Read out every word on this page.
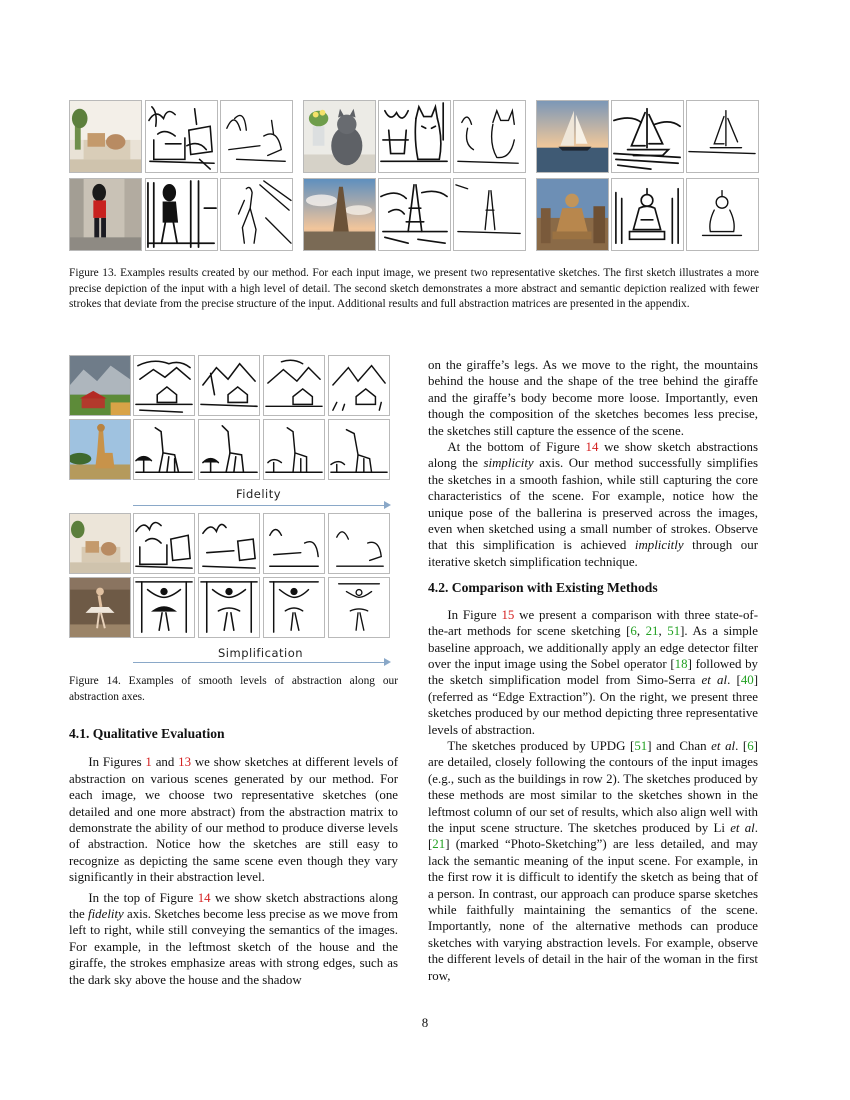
Figure 13. Examples results created by our method. For each input image, we present two representative sketches. The first sketch illustrates a more precise depiction of the input with a high level of detail. The second sketch demonstrates a more abstract and semantic depiction realized with fewer strokes that deviate from the precise structure of the input. Additional results and full abstraction matrices are presented in the appendix.
Fidelity
Simplification
Figure 14. Examples of smooth levels of abstraction along our abstraction axes.
4.1. Qualitative Evaluation

In Figures 1 and 13 we show sketches at different levels of abstraction on various scenes generated by our method. For each image, we choose two representative sketches (one detailed and one more abstract) from the abstraction matrix to demonstrate the ability of our method to produce diverse levels of abstraction. Notice how the sketches are still easy to recognize as depicting the same scene even though they vary significantly in their abstraction level.

In the top of Figure 14 we show sketch abstractions along the fidelity axis. Sketches become less precise as we move from left to right, while still conveying the semantics of the images. For example, in the leftmost sketch of the house and the giraffe, the strokes emphasize areas with strong edges, such as the dark sky above the house and the shadow

on the giraffe’s legs. As we move to the right, the mountains behind the house and the shape of the tree behind the giraffe and the giraffe’s body become more loose. Importantly, even though the composition of the sketches becomes less precise, the sketches still capture the essence of the scene.

At the bottom of Figure 14 we show sketch abstractions along the simplicity axis. Our method successfully simplifies the sketches in a smooth fashion, while still capturing the core characteristics of the scene. For example, notice how the unique pose of the ballerina is preserved across the images, even when sketched using a small number of strokes. Observe that this simplification is achieved implicitly through our iterative sketch simplification technique.

4.2. Comparison with Existing Methods

In Figure 15 we present a comparison with three state-of-the-art methods for scene sketching [6, 21, 51]. As a simple baseline approach, we additionally apply an edge detector filter over the input image using the Sobel operator [18] followed by the sketch simplification model from Simo-Serra et al. [40] (referred as “Edge Extraction”). On the right, we present three sketches produced by our method depicting three representative levels of abstraction.

The sketches produced by UPDG [51] and Chan et al. [6] are detailed, closely following the contours of the input images (e.g., such as the buildings in row 2). The sketches produced by these methods are most similar to the sketches shown in the leftmost column of our set of results, which also align well with the input scene structure. The sketches produced by Li et al. [21] (marked “Photo-Sketching”) are less detailed, and may lack the semantic meaning of the input scene. For example, in the first row it is difficult to identify the sketch as being that of a person. In contrast, our approach can produce sparse sketches while faithfully maintaining the semantics of the scene. Importantly, none of the alternative methods can produce sketches with varying abstraction levels. For example, observe the different levels of detail in the hair of the woman in the first row,

8
